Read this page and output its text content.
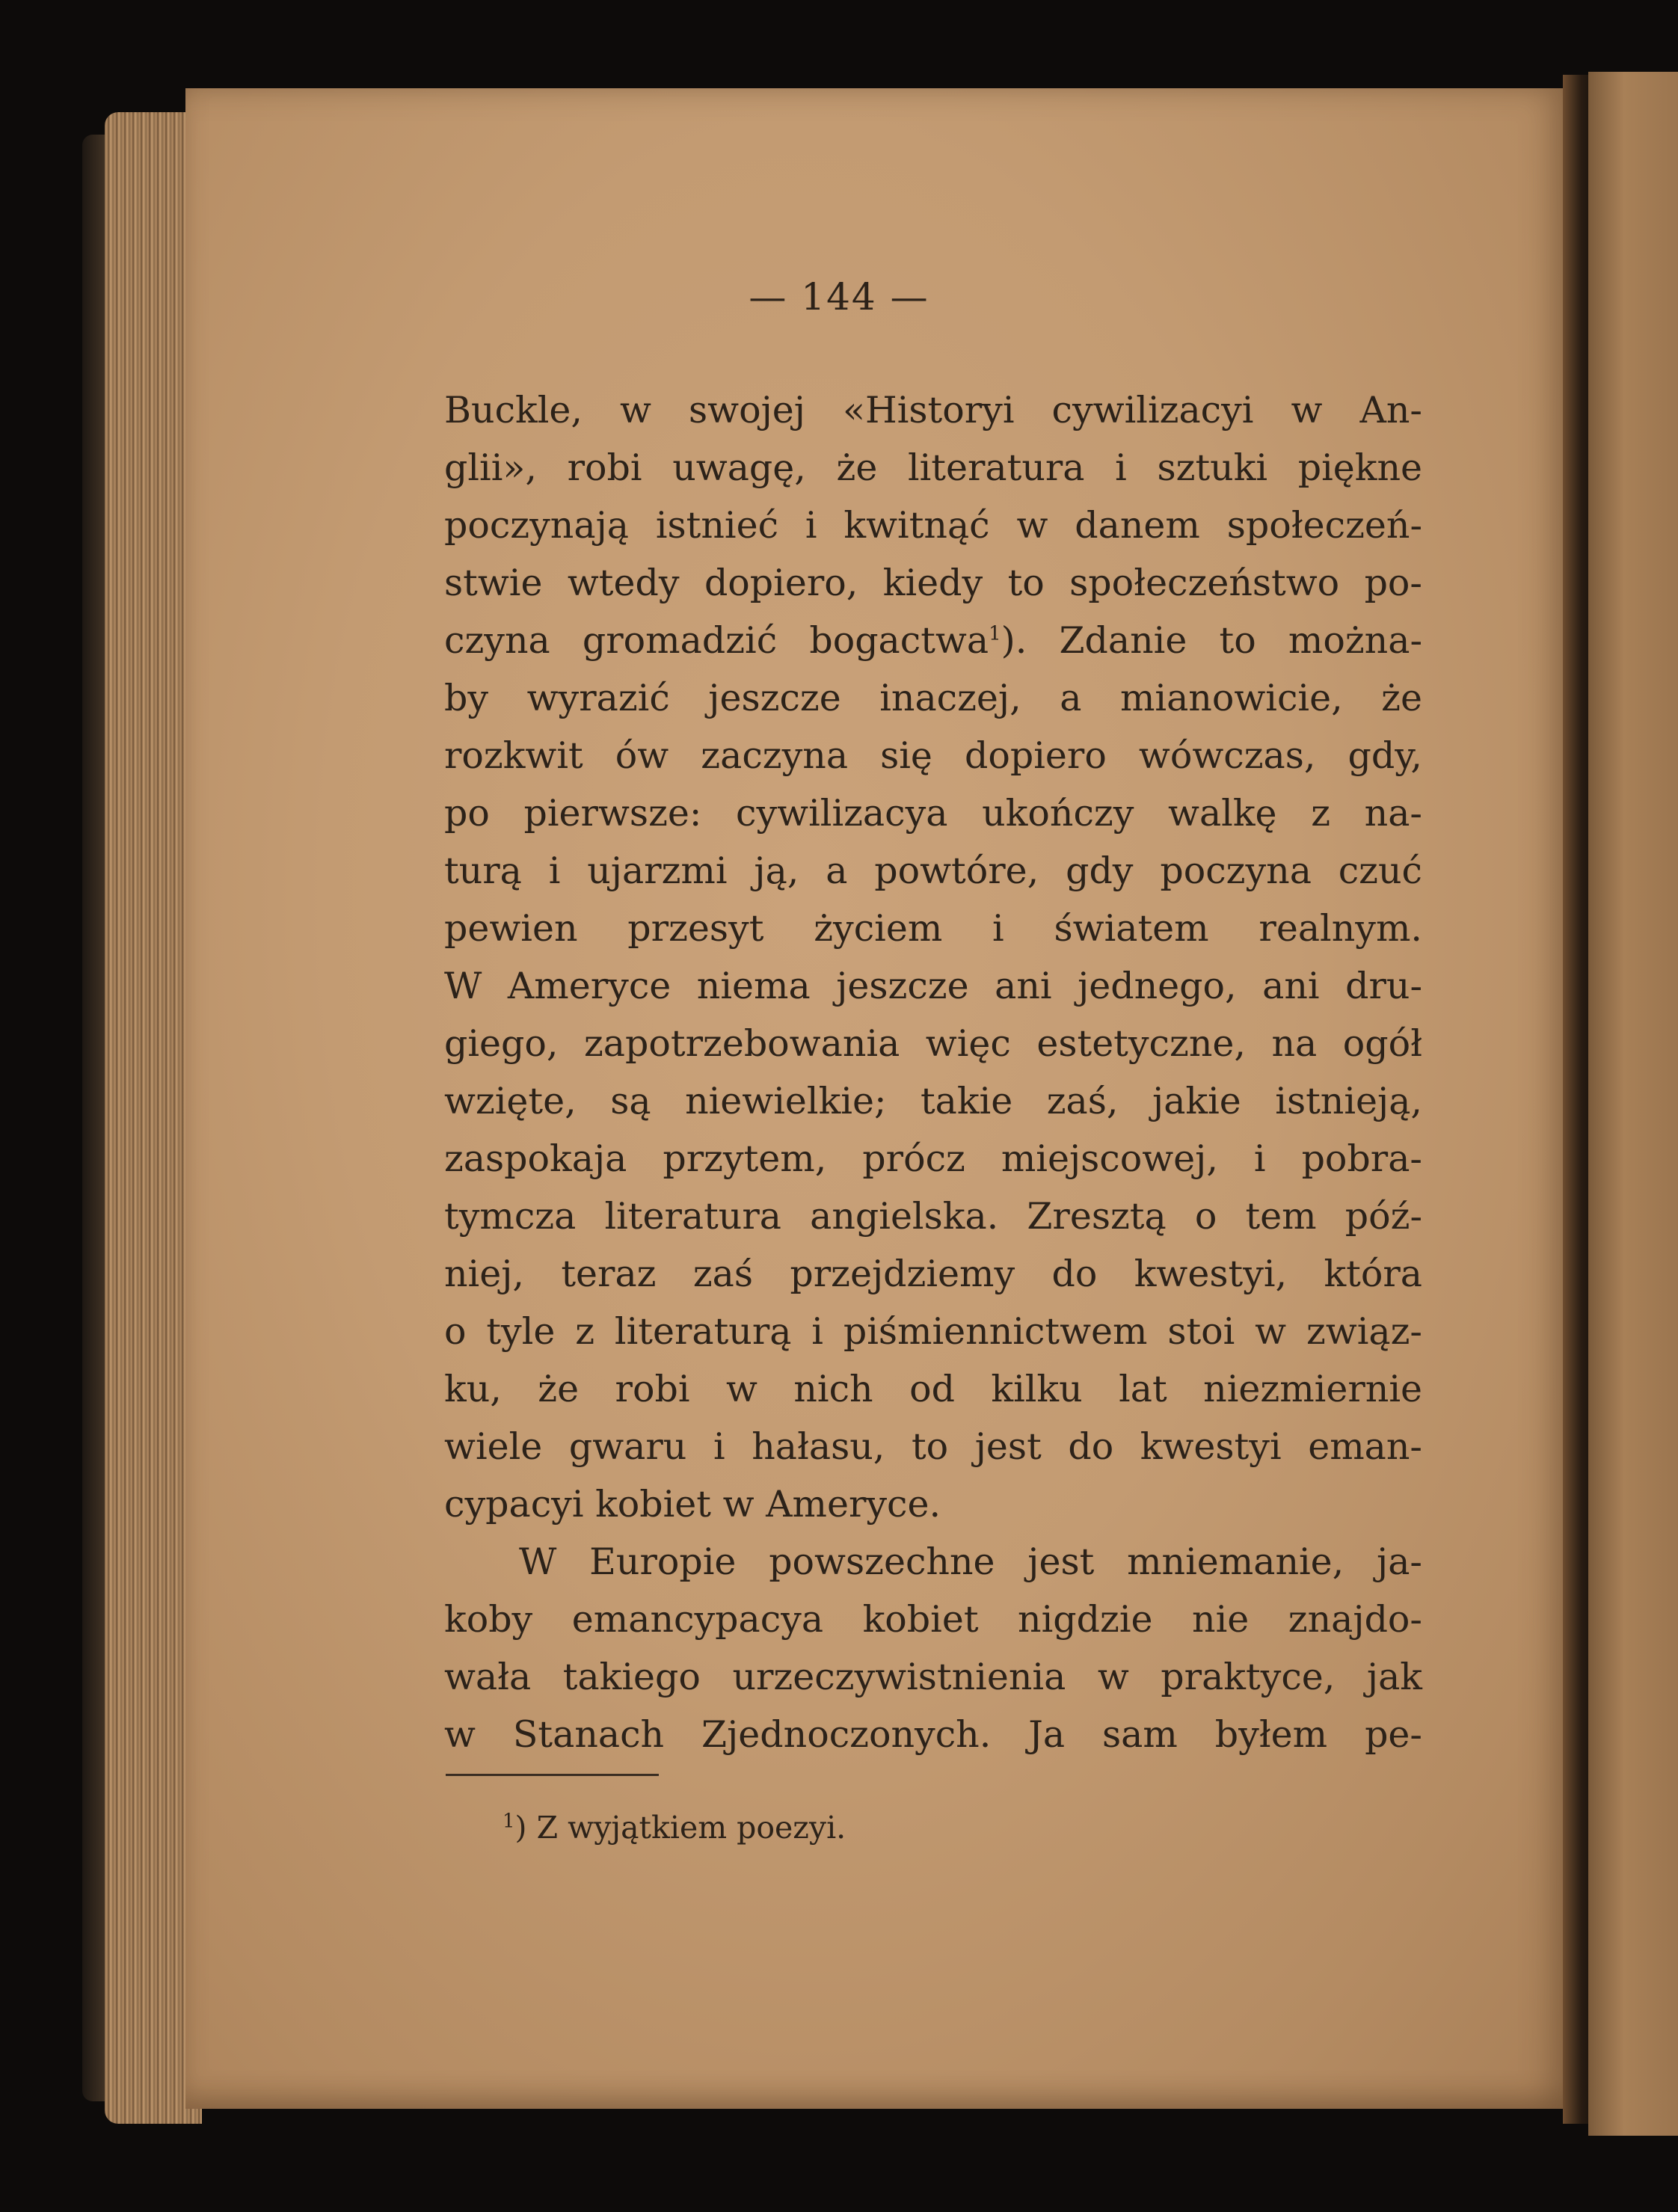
— 144 —
Buckle, w swojej «Historyi cywilizacyi w An-
glii», robi uwagę, że literatura i sztuki piękne
poczynają istnieć i kwitnąć w danem społeczeń-
stwie wtedy dopiero, kiedy to społeczeństwo po-
czyna gromadzić bogactwa$^1$). Zdanie to można-
by wyrazić jeszcze inaczej, a mianowicie, że
rozkwit ów zaczyna się dopiero wówczas, gdy,
po pierwsze: cywilizacya ukończy walkę z na-
turą i ujarzmi ją, a powtóre, gdy poczyna czuć
pewien przesyt życiem i światem realnym.
W Ameryce niema jeszcze ani jednego, ani dru-
giego, zapotrzebowania więc estetyczne, na ogół
wzięte, są niewielkie; takie zaś, jakie istnieją,
zaspokaja przytem, prócz miejscowej, i pobra-
tymcza literatura angielska. Zresztą o tem póź-
niej, teraz zaś przejdziemy do kwestyi, która
o tyle z literaturą i piśmiennictwem stoi w związ-
ku, że robi w nich od kilku lat niezmiernie
wiele gwaru i hałasu, to jest do kwestyi eman-
cypacyi kobiet w Ameryce.
W Europie powszechne jest mniemanie, ja-
koby emancypacya kobiet nigdzie nie znajdo-
wała takiego urzeczywistnienia w praktyce, jak
w Stanach Zjednoczonych. Ja sam byłem pe-
$^1$) Z wyjątkiem poezyi.
